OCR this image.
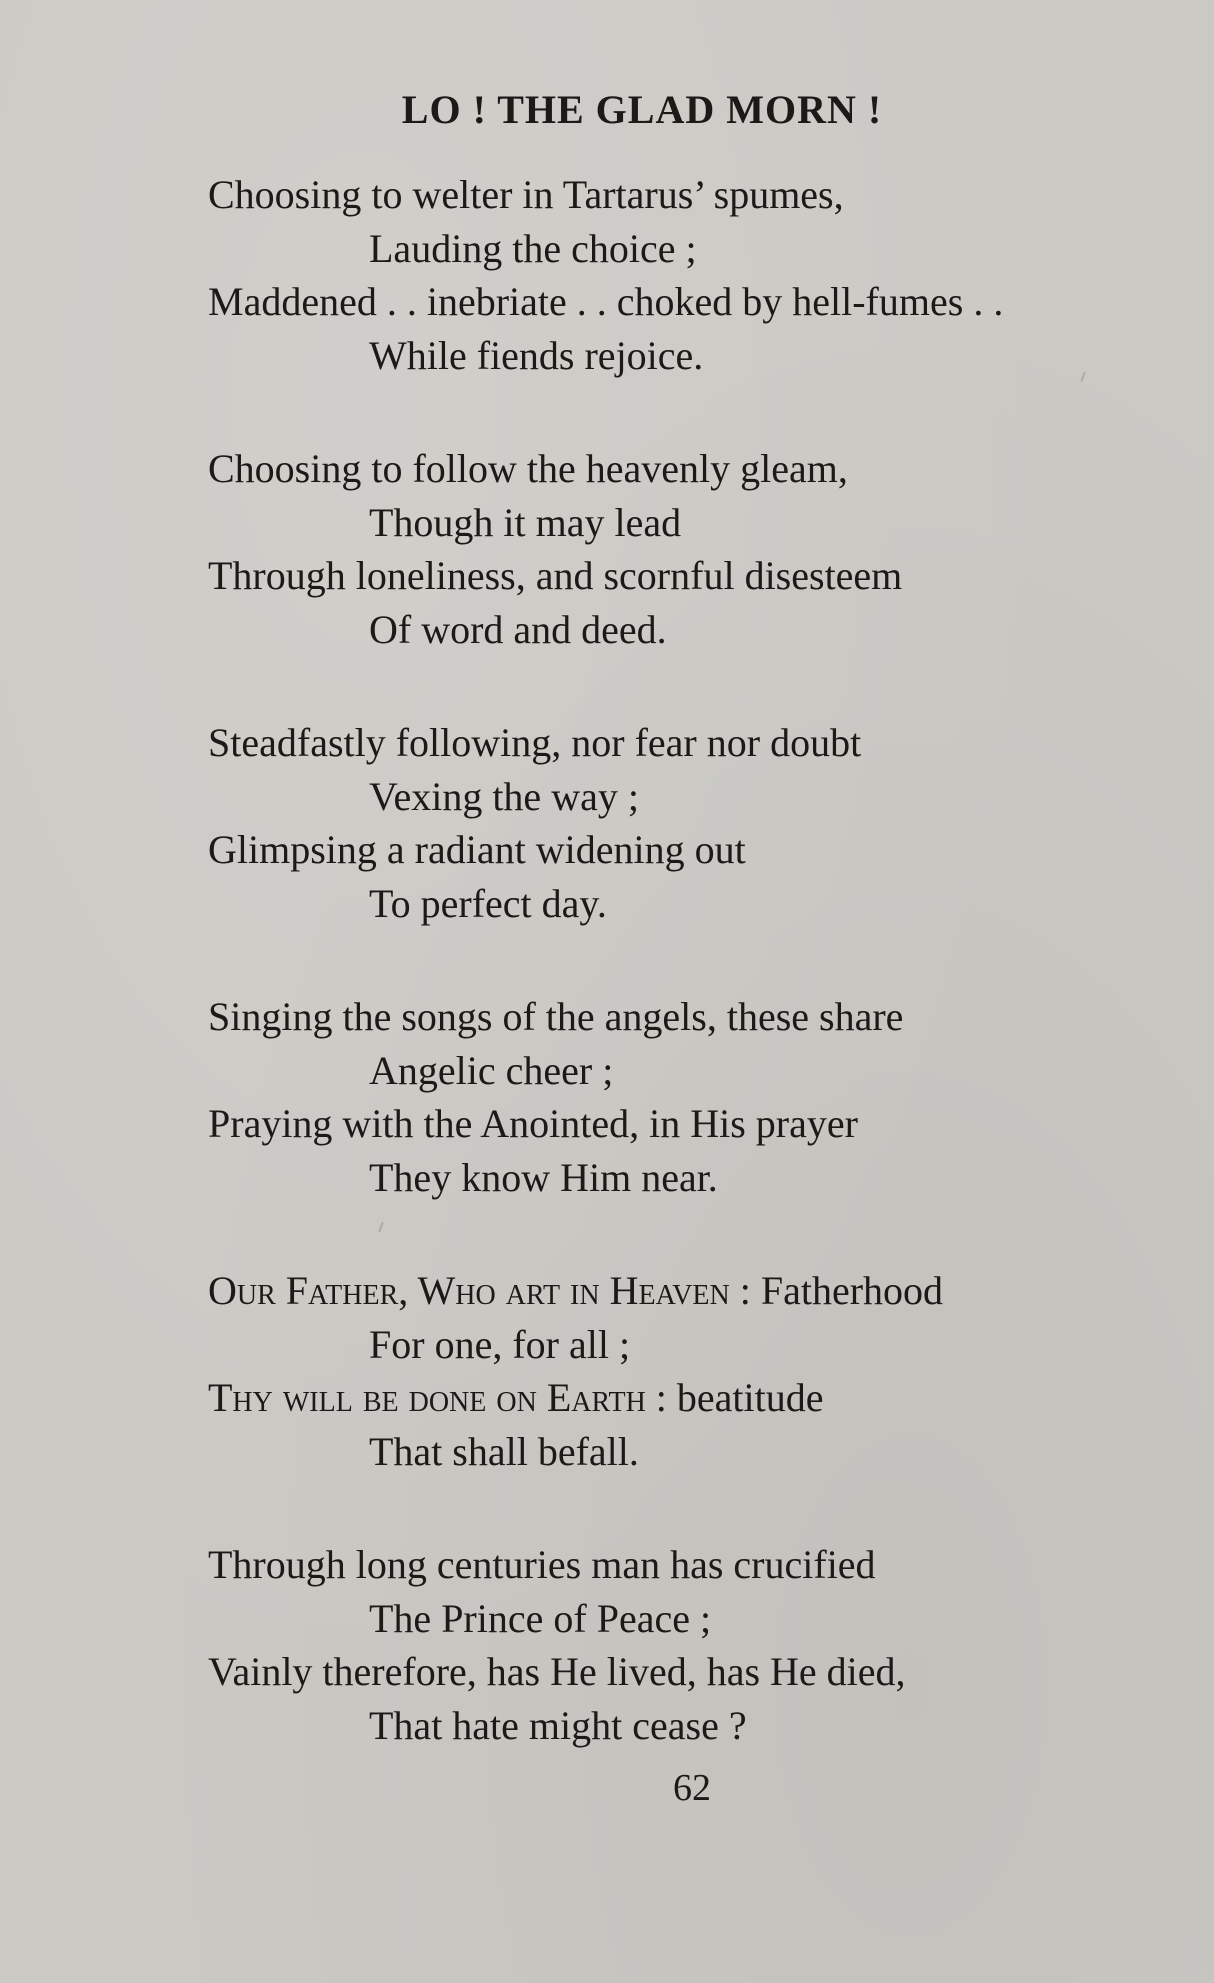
LO ! THE GLAD MORN !
Choosing to welter in Tartarus’ spumes,
Lauding the choice ;
Maddened . . inebriate . . choked by hell-fumes . .
While fiends rejoice.
Choosing to follow the heavenly gleam,
Though it may lead
Through loneliness, and scornful disesteem
Of word and deed.
Steadfastly following, nor fear nor doubt
Vexing the way ;
Glimpsing a radiant widening out
To perfect day.
Singing the songs of the angels, these share
Angelic cheer ;
Praying with the Anointed, in His prayer
They know Him near.
Our Father, Who art in Heaven : Fatherhood
For one, for all ;
Thy will be done on Earth : beatitude
That shall befall.
Through long centuries man has crucified
The Prince of Peace ;
Vainly therefore, has He lived, has He died,
That hate might cease ?
62
